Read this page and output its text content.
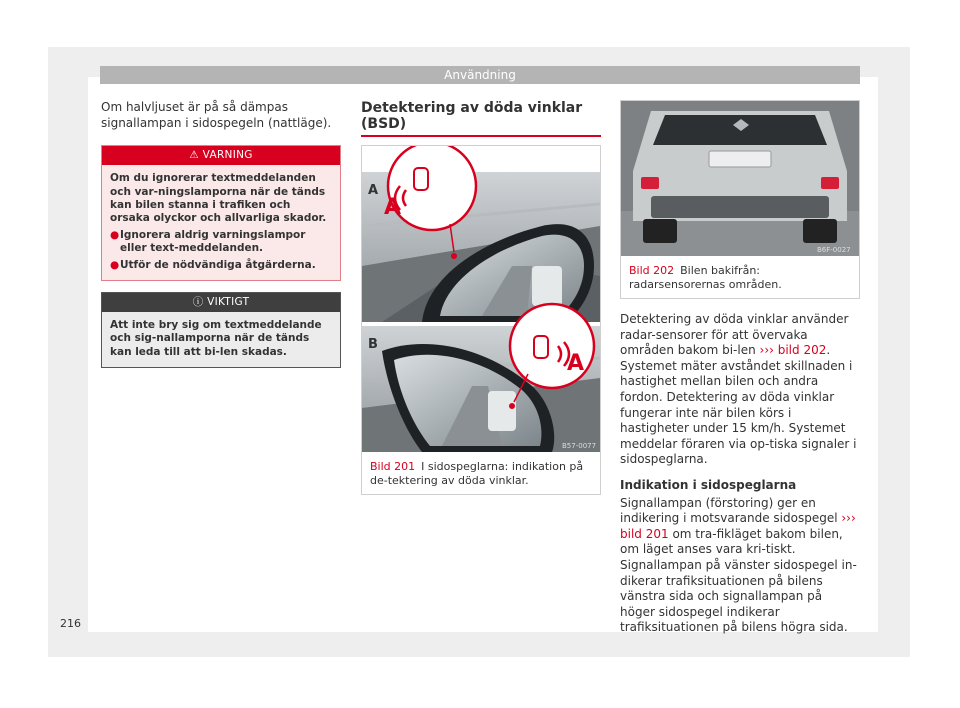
Användning

Om halvljuset är på så dämpas signallampan i sidospegeln (nattläge).

⚠ VARNING

Om du ignorerar textmeddelanden och var-ningslamporna när de tänds kan bilen stanna i trafiken och orsaka olyckor och allvarliga skador.

● Ignorera aldrig varningslampor eller text-meddelanden.
● Utför de nödvändiga åtgärderna.
ⓘ VIKTIGT

Att inte bry sig om textmeddelande och sig-nallamporna när de tänds kan leda till att bi-len skadas.

Detektering av döda vinklar (BSD)
A
A
A
B
B57-0077
Bild 201 I sidospeglarna: indikation på de-tektering av döda vinklar.
B6F-0027
Bild 202 Bilen bakifrån: radarsensorernas områden.

Detektering av döda vinklar använder radar-sensorer för att övervaka områden bakom bi-len ››› bild 202. Systemet mäter avståndet skillnaden i hastighet mellan bilen och andra fordon. Detektering av döda vinklar fungerar inte när bilen körs i hastigheter under 15 km/h. Systemet meddelar föraren via op-tiska signaler i sidospeglarna.

Indikation i sidospeglarna

Signallampan (förstoring) ger en indikering i motsvarande sidospegel ››› bild 201 om tra-fikläget bakom bilen, om läget anses vara kri-tiskt. Signallampan på vänster sidospegel in-dikerar trafiksituationen på bilens vänstra sida och signallampan på höger sidospegel indikerar trafiksituationen på bilens högra sida.

216
